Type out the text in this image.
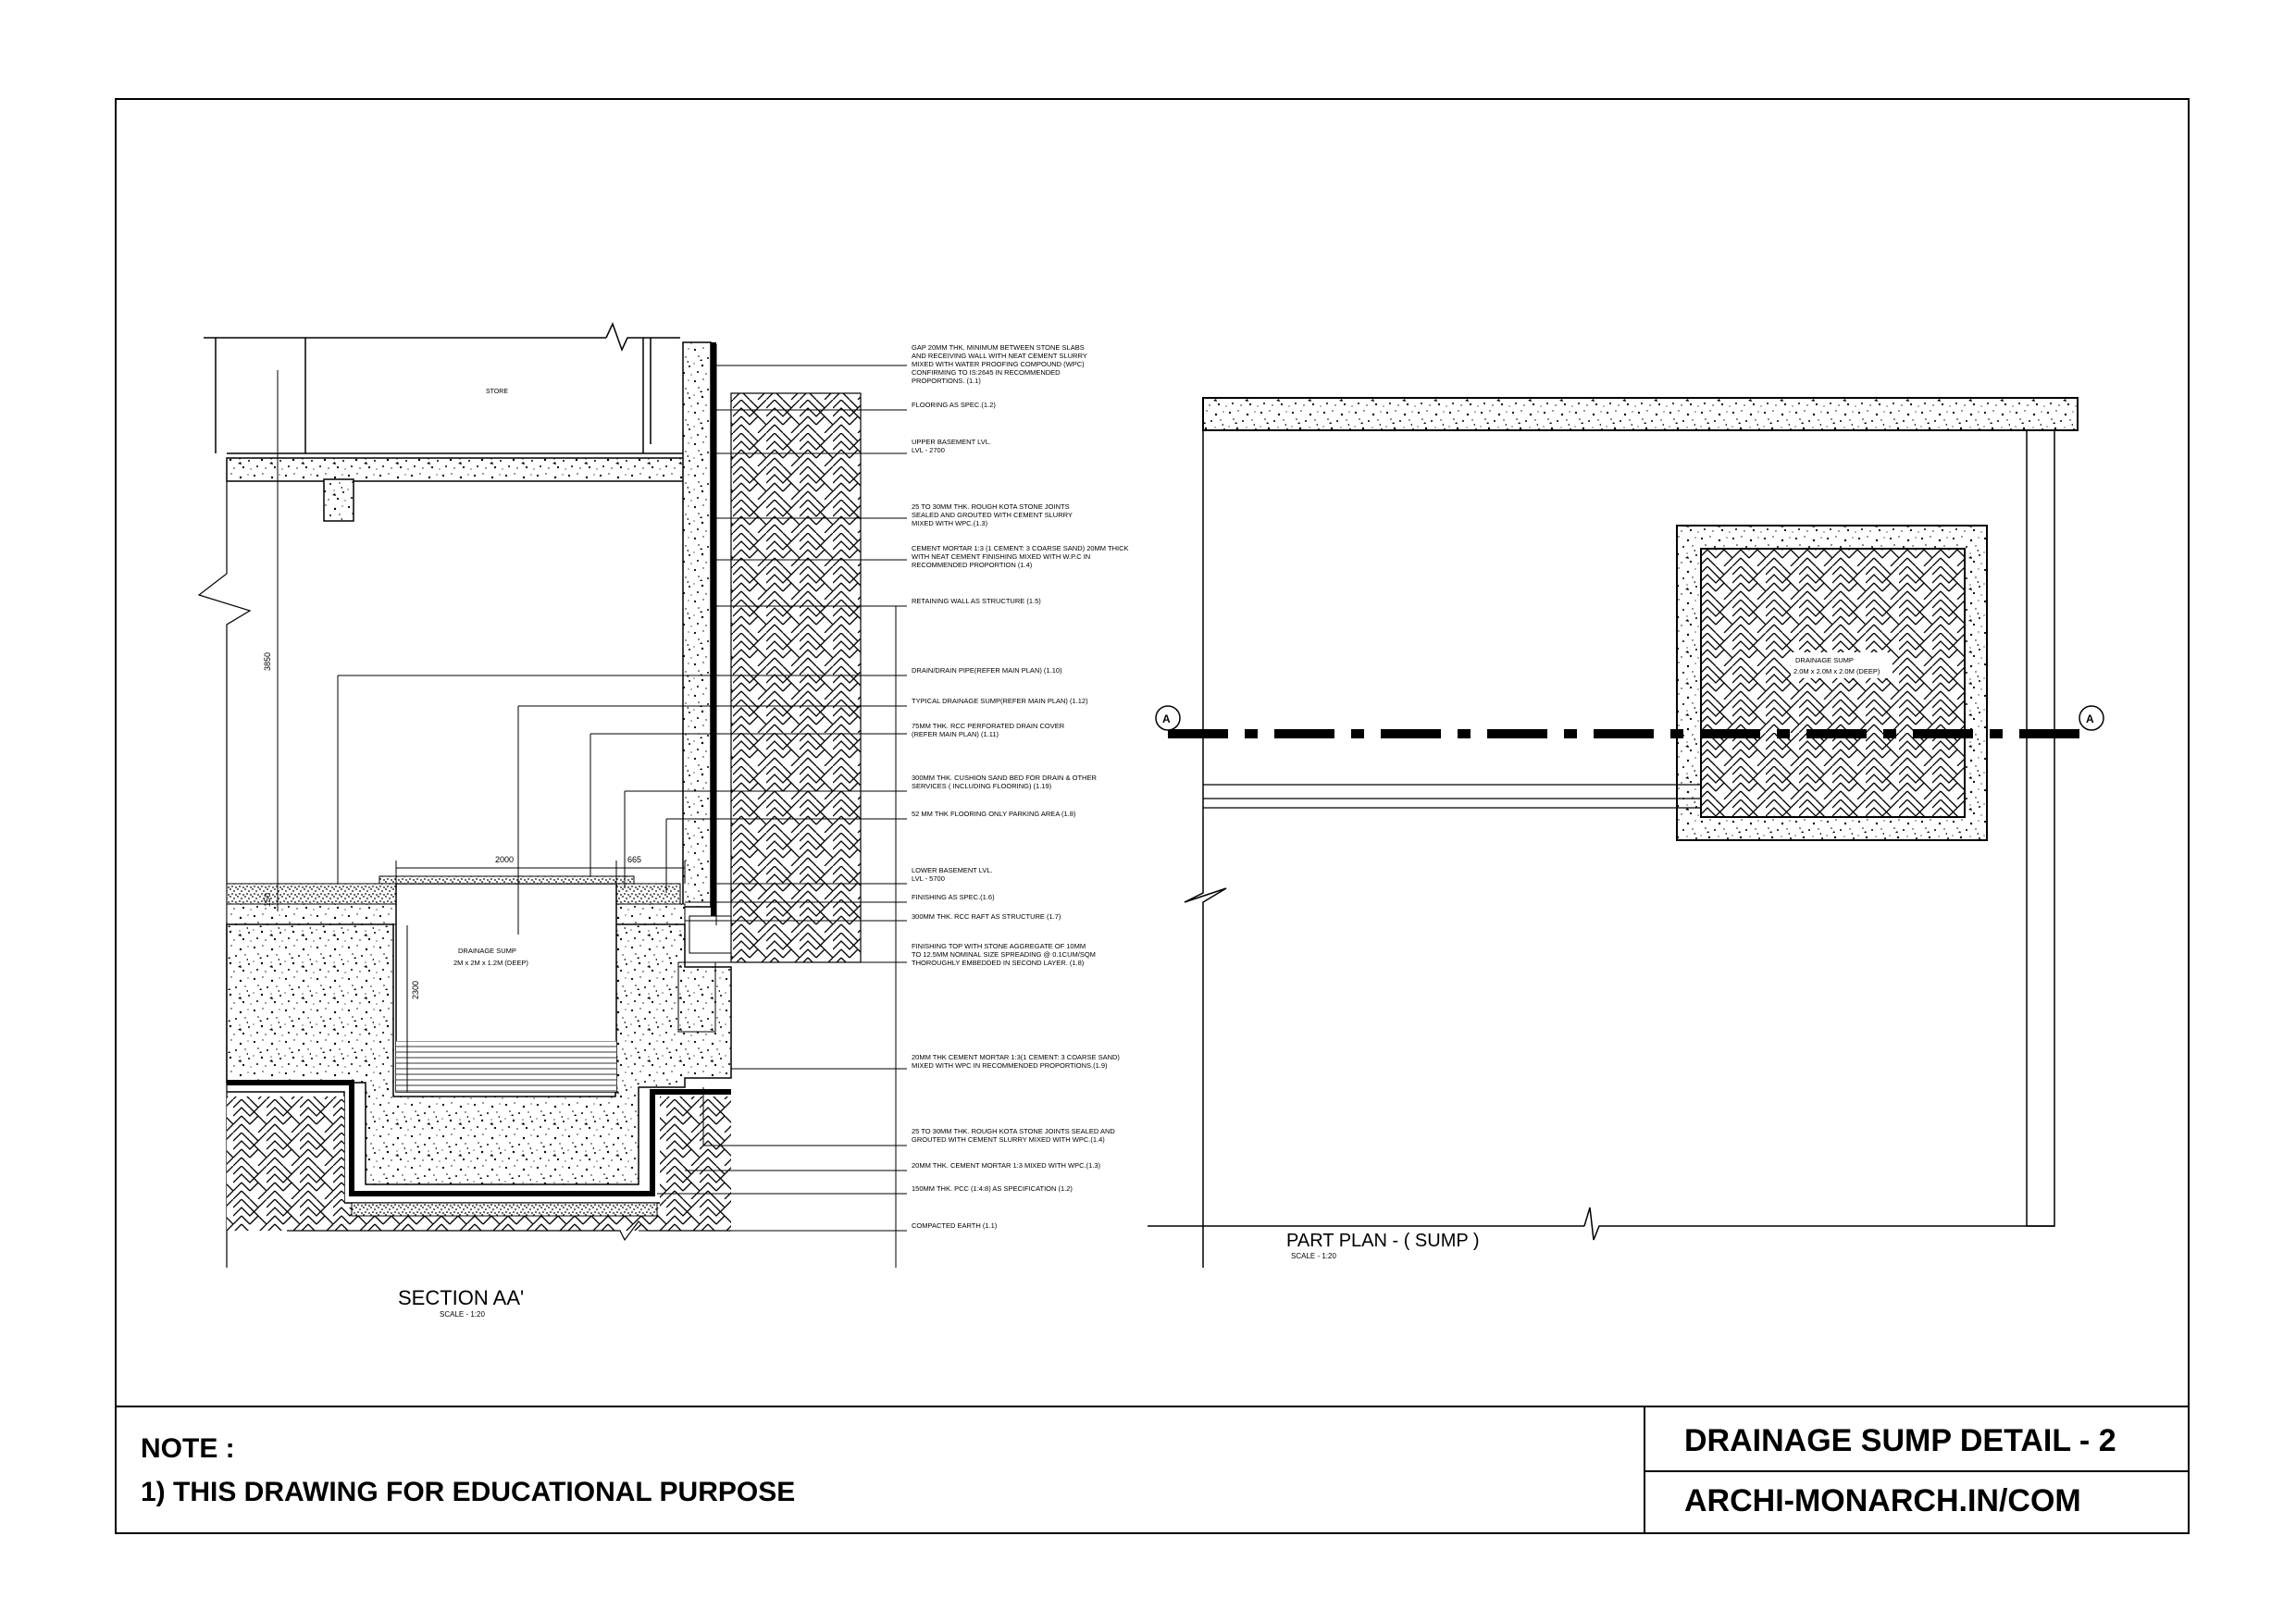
STORE
3850
150
2300
2000	665
DRAINAGE SUMP
2M x 2M x 1.2M (DEEP)
GAP 20MM THK. MINIMUM BETWEEN STONE SLABS AND RECEIVING WALL WITH NEAT CEMENT SLURRY MIXED WITH WATER PROOFING COMPOUND (WPC) CONFIRMING TO IS:2645 IN RECOMMENDED PROPORTIONS. (1.1)
FLOORING AS SPEC.(1.2)
UPPER BASEMENT LVL. LVL - 2700
25 TO 30MM THK. ROUGH KOTA STONE JOINTS SEALED AND GROUTED WITH CEMENT SLURRY MIXED WITH WPC.(1.3)
CEMENT MORTAR 1:3 (1 CEMENT: 3 COARSE SAND) 20MM THICK WITH NEAT CEMENT FINISHING MIXED WITH W.P.C IN RECOMMENDED PROPORTION (1.4)
RETAINING WALL AS STRUCTURE (1.5)
DRAIN/DRAIN PIPE(REFER MAIN PLAN) (1.10)
TYPICAL DRAINAGE SUMP(REFER MAIN PLAN) (1.12)
75MM THK. RCC PERFORATED DRAIN COVER (REFER MAIN PLAN) (1.11)
300MM THK. CUSHION SAND BED FOR DRAIN & OTHER SERVICES ( INCLUDING FLOORING) (1.19)
52 MM THK FLOORING ONLY PARKING AREA (1.8)
LOWER BASEMENT LVL. LVL - 5700
FINISHING AS SPEC.(1.6)
300MM THK. RCC RAFT AS STRUCTURE (1.7)
FINISHING TOP WITH STONE AGGREGATE OF 10MM TO 12.5MM NOMINAL SIZE SPREADING @ 0.1CUM/SQM THOROUGHLY EMBEDDED IN SECOND LAYER. (1.8)
20MM THK CEMENT MORTAR 1:3(1 CEMENT: 3 COARSE SAND) MIXED WITH WPC IN RECOMMENDED PROPORTIONS.(1.9)
25 TO 30MM THK. ROUGH KOTA STONE JOINTS SEALED AND GROUTED WITH CEMENT SLURRY MIXED WITH WPC.(1.4)
20MM THK. CEMENT MORTAR 1:3 MIXED WITH WPC.(1.3)
150MM THK. PCC (1:4:8) AS SPECIFICATION (1.2)
COMPACTED EARTH (1.1)
SECTION AA'
SCALE - 1:20
A	A
DRAINAGE SUMP
2.0M x 2.0M x 2.0M (DEEP)
PART PLAN - ( SUMP )
SCALE - 1:20
NOTE :
1) THIS DRAWING FOR EDUCATIONAL PURPOSE
DRAINAGE SUMP DETAIL - 2
ARCHI-MONARCH.IN/COM
